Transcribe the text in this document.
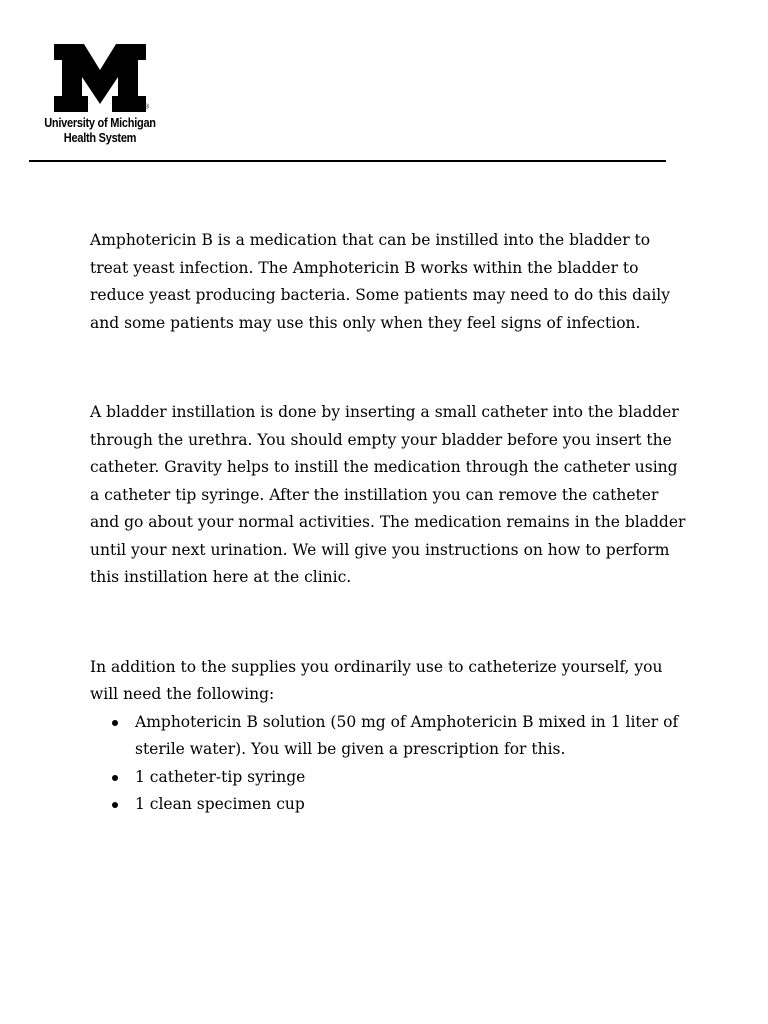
®
University of Michigan
Health System

Amphotericin B is a medication that can be instilled into the bladder to treat yeast infection. The Amphotericin B works within the bladder to reduce yeast producing bacteria. Some patients may need to do this daily and some patients may use this only when they feel signs of infection.

A bladder instillation is done by inserting a small catheter into the bladder through the urethra. You should empty your bladder before you insert the catheter. Gravity helps to instill the medication through the catheter using a catheter tip syringe. After the instillation you can remove the catheter and go about your normal activities. The medication remains in the bladder until your next urination. We will give you instructions on how to perform this instillation here at the clinic.

In addition to the supplies you ordinarily use to catheterize yourself, you will need the following:

Amphotericin B solution (50 mg of Amphotericin B mixed in 1 liter of sterile water). You will be given a prescription for this.
1 catheter-tip syringe
1 clean specimen cup
